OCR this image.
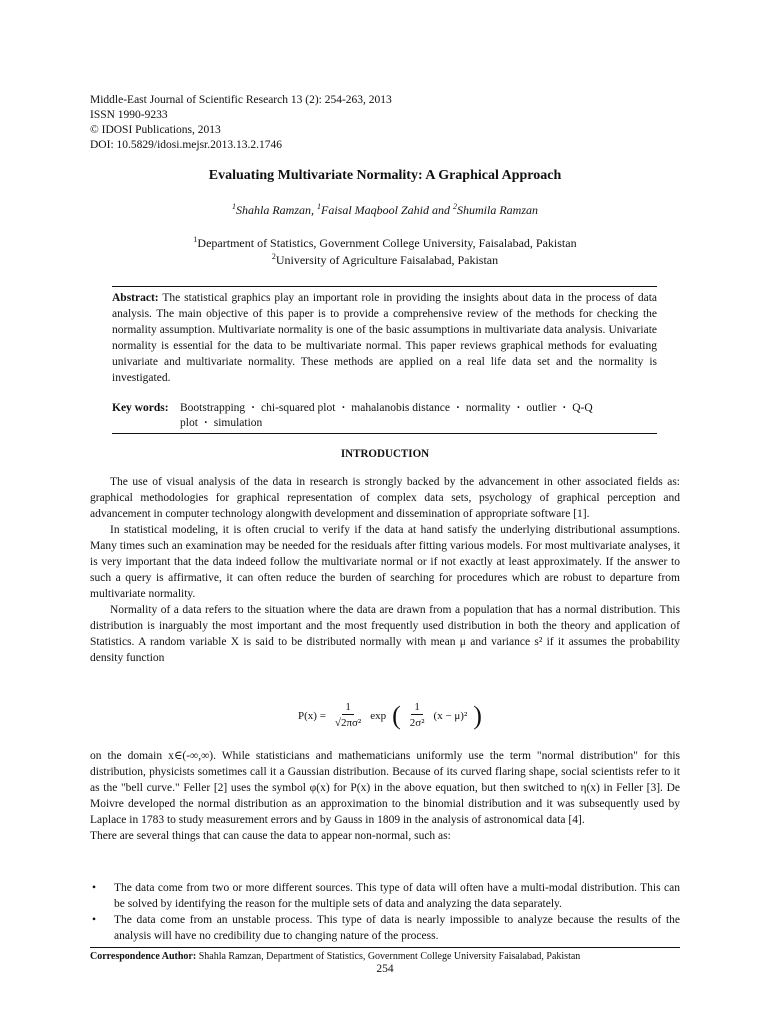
Middle-East Journal of Scientific Research 13 (2): 254-263, 2013
ISSN 1990-9233
© IDOSI Publications, 2013
DOI: 10.5829/idosi.mejsr.2013.13.2.1746
Evaluating Multivariate Normality: A Graphical Approach
$^1$Shahla Ramzan, $^1$Faisal Maqbool Zahid and $^2$Shumila Ramzan
$^1$Department of Statistics, Government College University, Faisalabad, Pakistan
$^2$University of Agriculture Faisalabad, Pakistan
Abstract: The statistical graphics play an important role in providing the insights about data in the process of data analysis. The main objective of this paper is to provide a comprehensive review of the methods for checking the normality assumption. Multivariate normality is one of the basic assumptions in multivariate data analysis. Univariate normality is essential for the data to be multivariate normal. This paper reviews graphical methods for evaluating univariate and multivariate normality. These methods are applied on a real life data set and the normality is investigated.
Key words: Bootstrapping · chi-squared plot · mahalanobis distance · normality · outlier · Q-Q plot · simulation
INTRODUCTION

The use of visual analysis of the data in research is strongly backed by the advancement in other associated fields as: graphical methodologies for graphical representation of complex data sets, psychology of graphical perception and advancement in computer technology alongwith development and dissemination of appropriate software [1].

In statistical modeling, it is often crucial to verify if the data at hand satisfy the underlying distributional assumptions. Many times such an examination may be needed for the residuals after fitting various models. For most multivariate analyses, it is very important that the data indeed follow the multivariate normal or if not exactly at least approximately. If the answer to such a query is affirmative, it can often reduce the burden of searching for procedures which are robust to departure from multivariate normality.

Normality of a data refers to the situation where the data are drawn from a population that has a normal distribution. This distribution is inarguably the most important and the most frequently used distribution in both the theory and application of Statistics. A random variable X is said to be distributed normally with mean μ and variance s² if it assumes the probability density function

$P(x) = \frac{1}{\text{√2πσ²}}$ exp ( $\frac{1}{\text{2σ²}} (x - \mu)^2$ )

on the domain x∈(-∞,∞). While statisticians and mathematicians uniformly use the term "normal distribution" for this distribution, physicists sometimes call it a Gaussian distribution. Because of its curved flaring shape, social scientists refer to it as the "bell curve." Feller [2] uses the symbol φ(x) for P(x) in the above equation, but then switched to η(x) in Feller [3]. De Moivre developed the normal distribution as an approximation to the binomial distribution and it was subsequently used by Laplace in 1783 to study measurement errors and by Gauss in 1809 in the analysis of astronomical data [4].

There are several things that can cause the data to appear non-normal, such as:

•	The data come from two or more different sources. This type of data will often have a multi-modal distribution. This can be solved by identifying the reason for the multiple sets of data and analyzing the data separately.
•	The data come from an unstable process. This type of data is nearly impossible to analyze because the results of the analysis will have no credibility due to changing nature of the process.
Correspondence Author: Shahla Ramzan, Department of Statistics, Government College University Faisalabad, Pakistan
254
